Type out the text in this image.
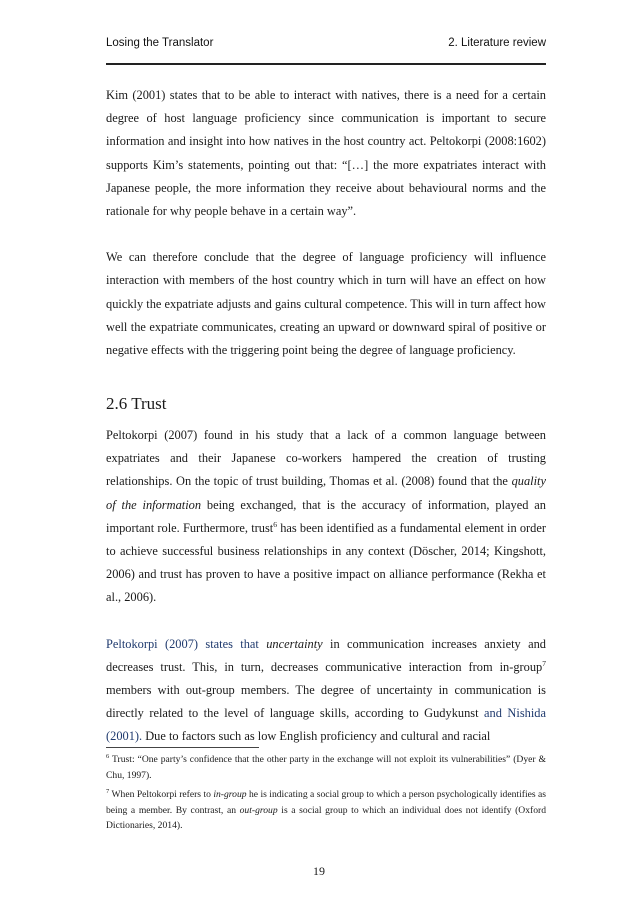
Losing the Translator	2. Literature review

Kim (2001) states that to be able to interact with natives, there is a need for a certain degree of host language proficiency since communication is important to secure information and insight into how natives in the host country act. Peltokorpi (2008:1602) supports Kim’s statements, pointing out that: “[…] the more expatriates interact with Japanese people, the more information they receive about behavioural norms and the rationale for why people behave in a certain way”.

We can therefore conclude that the degree of language proficiency will influence interaction with members of the host country which in turn will have an effect on how quickly the expatriate adjusts and gains cultural competence. This will in turn affect how well the expatriate communicates, creating an upward or downward spiral of positive or negative effects with the triggering point being the degree of language proficiency.

2.6 Trust

Peltokorpi (2007) found in his study that a lack of a common language between expatriates and their Japanese co-workers hampered the creation of trusting relationships. On the topic of trust building, Thomas et al. (2008) found that the quality of the information being exchanged, that is the accuracy of information, played an important role. Furthermore, trust$^6$ has been identified as a fundamental element in order to achieve successful business relationships in any context (Döscher, 2014; Kingshott, 2006) and trust has proven to have a positive impact on alliance performance (Rekha et al., 2006).

Peltokorpi (2007) states that uncertainty in communication increases anxiety and decreases trust. This, in turn, decreases communicative interaction from in-group$^7$ members with out-group members. The degree of uncertainty in communication is directly related to the level of language skills, according to Gudykunst and Nishida (2001). Due to factors such as low English proficiency and cultural and racial

$^6$ Trust: “One party’s confidence that the other party in the exchange will not exploit its vulnerabilities” (Dyer & Chu, 1997).

$^7$ When Peltokorpi refers to in-group he is indicating a social group to which a person psychologically identifies as being a member. By contrast, an out-group is a social group to which an individual does not identify (Oxford Dictionaries, 2014).

19
